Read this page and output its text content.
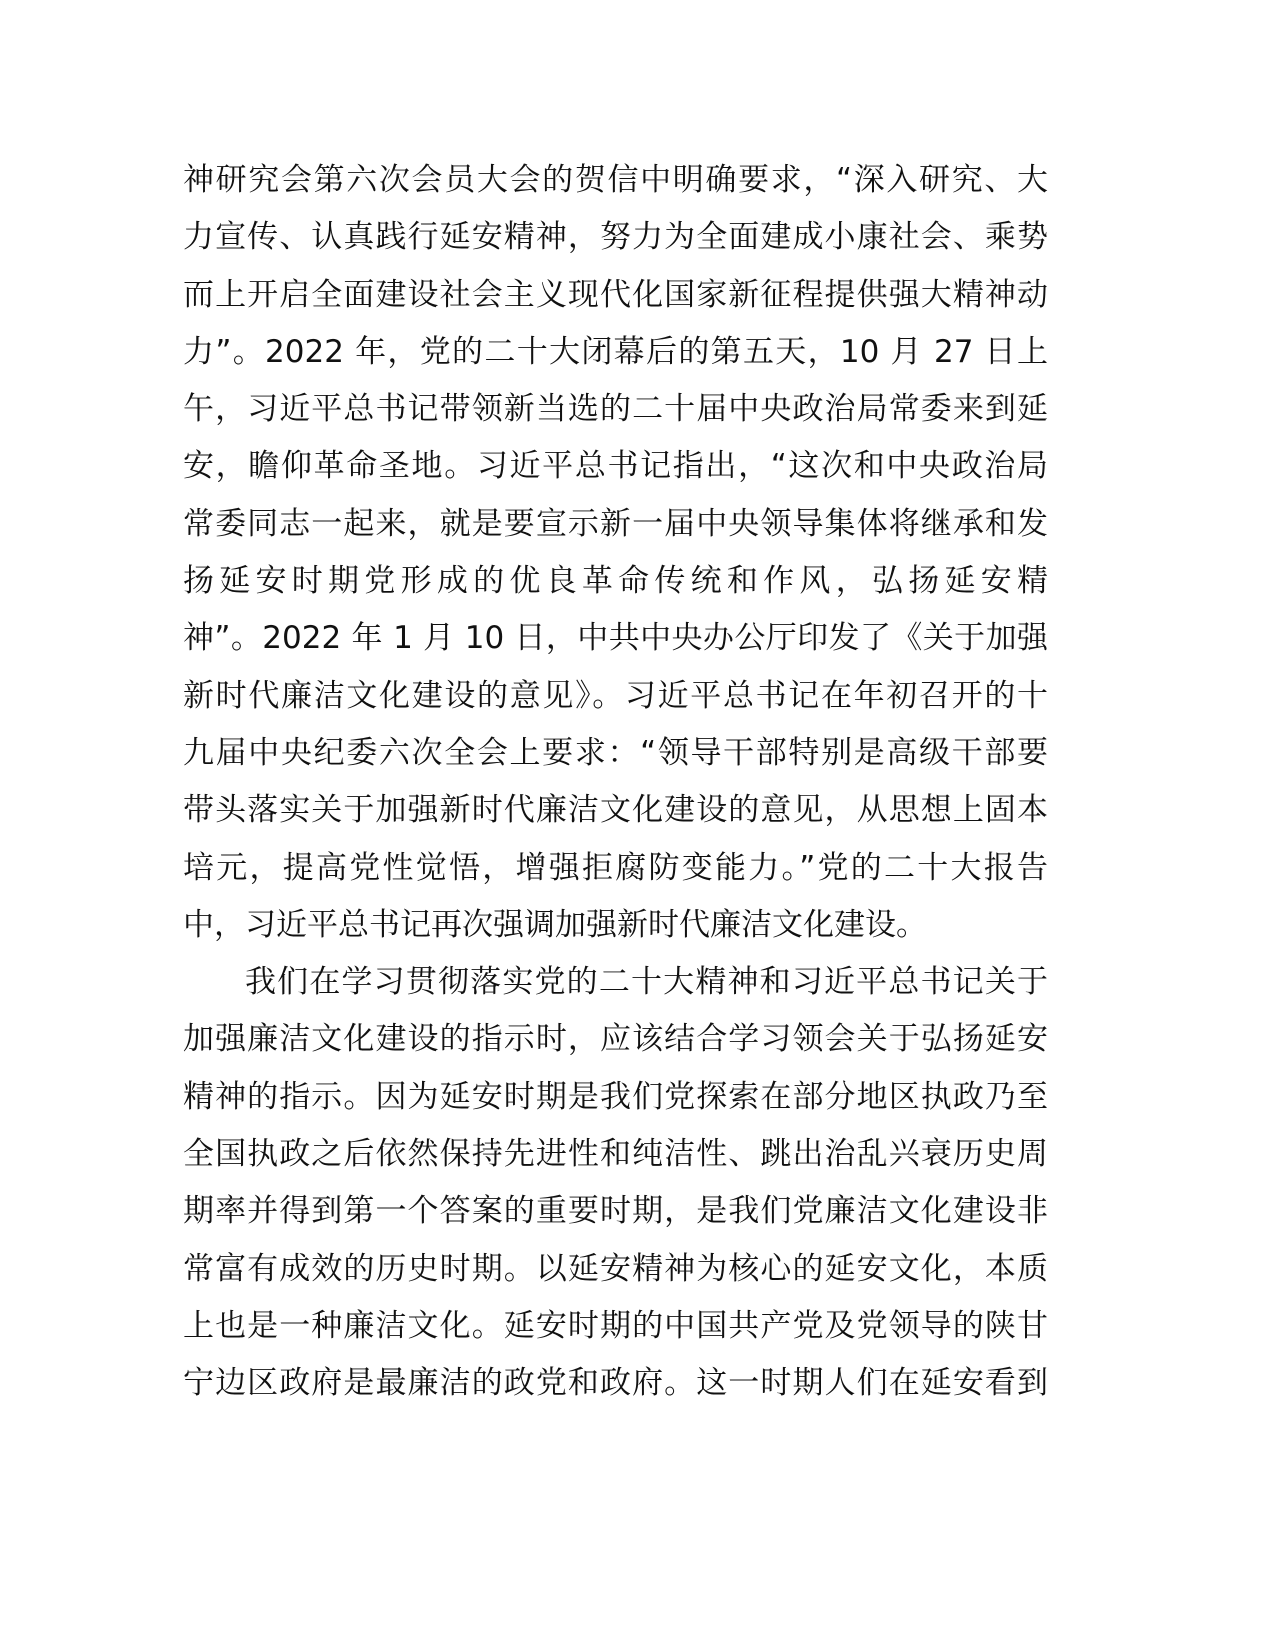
神研究会第六次会员大会的贺信中明确要求，“深入研究、大
力宣传、认真践行延安精神，努力为全面建成小康社会、乘势
而上开启全面建设社会主义现代化国家新征程提供强大精神动
力”。2022 年，党的二十大闭幕后的第五天，10 月 27 日上
午，习近平总书记带领新当选的二十届中央政治局常委来到延
安，瞻仰革命圣地。习近平总书记指出，“这次和中央政治局
常委同志一起来，就是要宣示新一届中央领导集体将继承和发
扬延安时期党形成的优良革命传统和作风，弘扬延安精
神”。2022 年 1 月 10 日，中共中央办公厅印发了《关于加强
新时代廉洁文化建设的意见》。习近平总书记在年初召开的十
九届中央纪委六次全会上要求：“领导干部特别是高级干部要
带头落实关于加强新时代廉洁文化建设的意见，从思想上固本
培元，提高党性觉悟，增强拒腐防变能力。”党的二十大报告
中，习近平总书记再次强调加强新时代廉洁文化建设。
我们在学习贯彻落实党的二十大精神和习近平总书记关于
加强廉洁文化建设的指示时，应该结合学习领会关于弘扬延安
精神的指示。因为延安时期是我们党探索在部分地区执政乃至
全国执政之后依然保持先进性和纯洁性、跳出治乱兴衰历史周
期率并得到第一个答案的重要时期，是我们党廉洁文化建设非
常富有成效的历史时期。以延安精神为核心的延安文化，本质
上也是一种廉洁文化。延安时期的中国共产党及党领导的陕甘
宁边区政府是最廉洁的政党和政府。这一时期人们在延安看到
